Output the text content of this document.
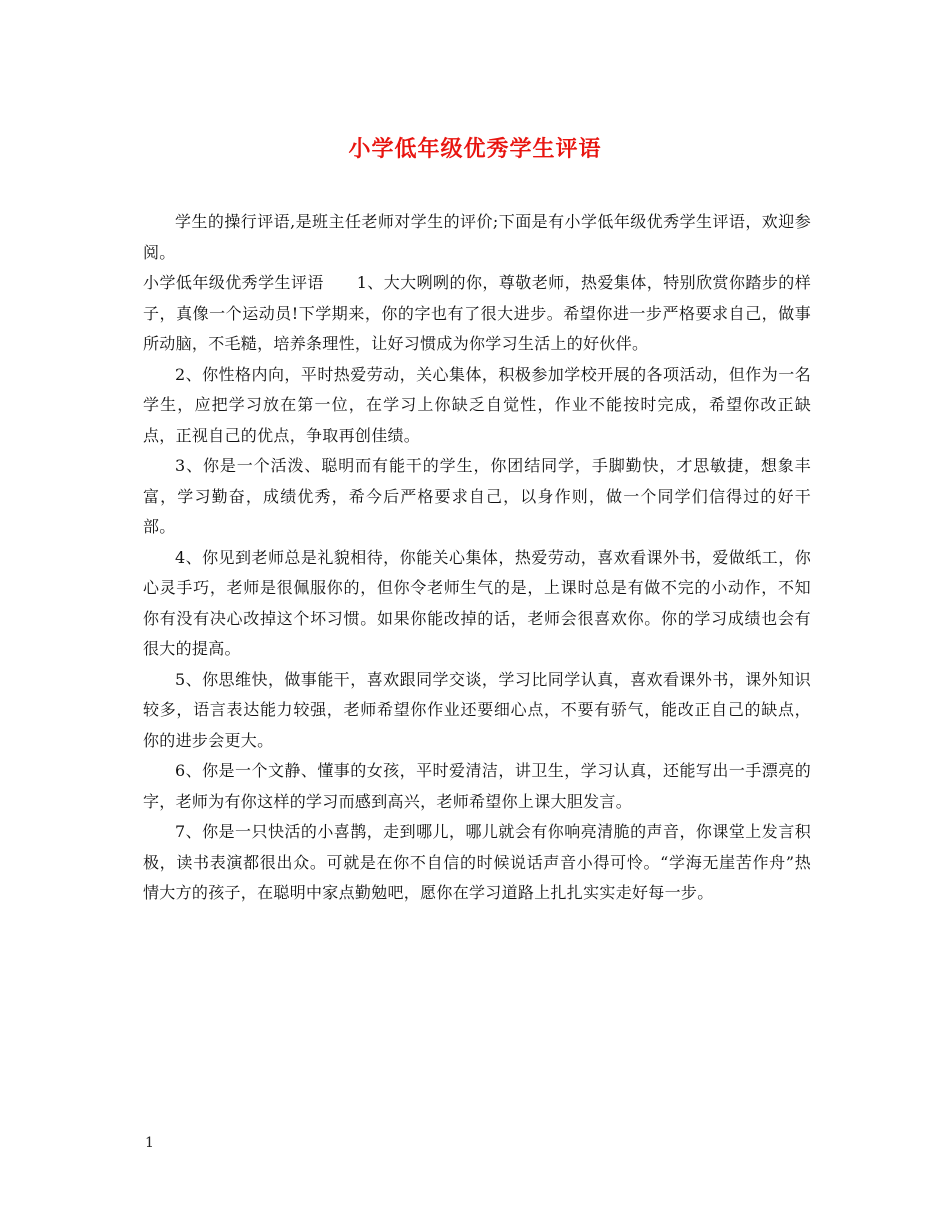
小学低年级优秀学生评语

学生的操行评语,是班主任老师对学生的评价;下面是有小学低年级优秀学生评语，欢迎参阅。

小学低年级优秀学生评语　　1、大大咧咧的你，尊敬老师，热爱集体，特别欣赏你踏步的样子，真像一个运动员!下学期来，你的字也有了很大进步。希望你进一步严格要求自己，做事所动脑，不毛糙，培养条理性，让好习惯成为你学习生活上的好伙伴。

2、你性格内向，平时热爱劳动，关心集体，积极参加学校开展的各项活动，但作为一名学生，应把学习放在第一位，在学习上你缺乏自觉性，作业不能按时完成，希望你改正缺点，正视自己的优点，争取再创佳绩。

3、你是一个活泼、聪明而有能干的学生，你团结同学，手脚勤快，才思敏捷，想象丰富，学习勤奋，成绩优秀，希今后严格要求自己，以身作则，做一个同学们信得过的好干部。

4、你见到老师总是礼貌相待，你能关心集体，热爱劳动，喜欢看课外书，爱做纸工，你心灵手巧，老师是很佩服你的，但你令老师生气的是，上课时总是有做不完的小动作，不知你有没有决心改掉这个坏习惯。如果你能改掉的话，老师会很喜欢你。你的学习成绩也会有很大的提高。

5、你思维快，做事能干，喜欢跟同学交谈，学习比同学认真，喜欢看课外书，课外知识较多，语言表达能力较强，老师希望你作业还要细心点，不要有骄气，能改正自己的缺点，你的进步会更大。

6、你是一个文静、懂事的女孩，平时爱清洁，讲卫生，学习认真，还能写出一手漂亮的字，老师为有你这样的学习而感到高兴，老师希望你上课大胆发言。

7、你是一只快活的小喜鹊，走到哪儿，哪儿就会有你响亮清脆的声音，你课堂上发言积极，读书表演都很出众。可就是在你不自信的时候说话声音小得可怜。“学海无崖苦作舟”热情大方的孩子，在聪明中家点勤勉吧，愿你在学习道路上扎扎实实走好每一步。

1
